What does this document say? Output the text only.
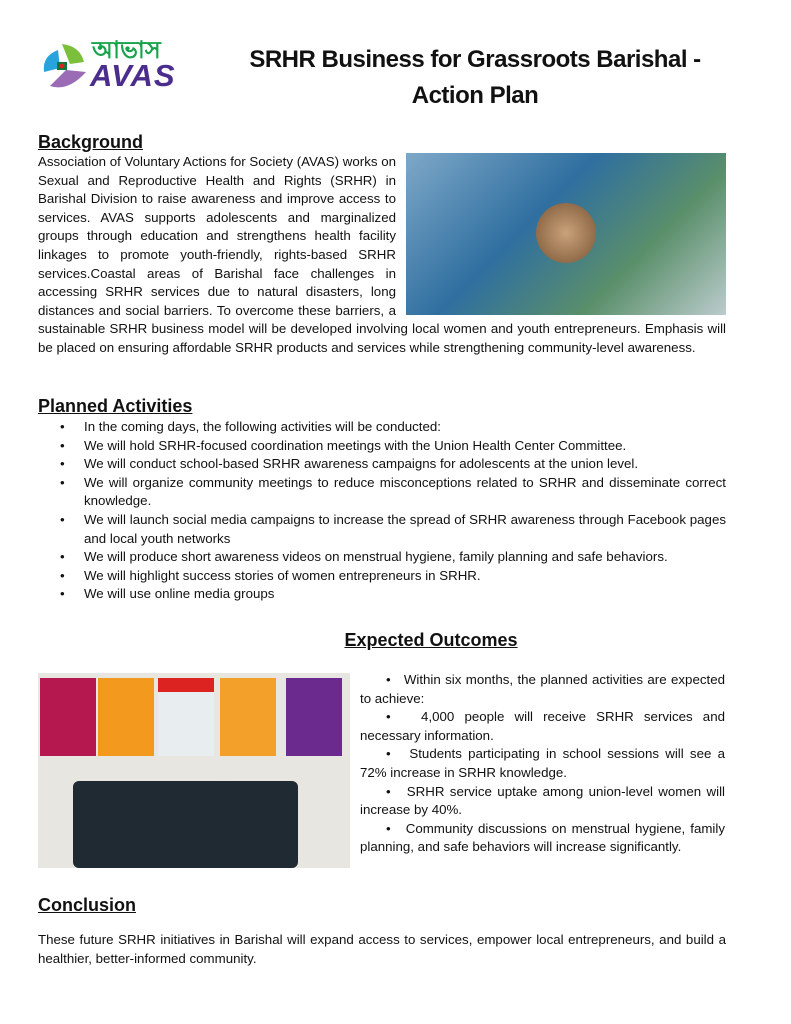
আভাস
AVAS	SRHR Business for Grassroots Barishal - Action Plan
Background

Association of Voluntary Actions for Society (AVAS) works on Sexual and Reproductive Health and Rights (SRHR) in Barishal Division to raise awareness and improve access to services. AVAS supports adolescents and marginalized groups through education and strengthens health facility linkages to promote youth-friendly, rights-based SRHR services.Coastal areas of Barishal face challenges in accessing SRHR services due to natural disasters, long distances and social barriers. To overcome these barriers, a sustainable SRHR business model will be developed involving local women and youth entrepreneurs. Emphasis will be placed on ensuring affordable SRHR products and services while strengthening community-level awareness.

Planned Activities
• In the coming days, the following activities will be conducted:
• We will hold SRHR-focused coordination meetings with the Union Health Center Committee.
• We will conduct school-based SRHR awareness campaigns for adolescents at the union level.
• We will organize community meetings to reduce misconceptions related to SRHR and disseminate correct knowledge.
• We will launch social media campaigns to increase the spread of SRHR awareness through Facebook pages and local youth networks
• We will produce short awareness videos on menstrual hygiene, family planning and safe behaviors.
• We will highlight success stories of women entrepreneurs in SRHR.
• We will use online media groups
Expected Outcomes

•   Within six months, the planned activities are expected to achieve:

•   4,000 people will receive SRHR services and necessary information.

•   Students participating in school sessions will see a 72% increase in SRHR knowledge.

•   SRHR service uptake among union-level women will increase by 40%.

•   Community discussions on menstrual hygiene, family planning, and safe behaviors will increase significantly.

Conclusion

These future SRHR initiatives in Barishal will expand access to services, empower local entrepreneurs, and build a healthier, better-informed community.
